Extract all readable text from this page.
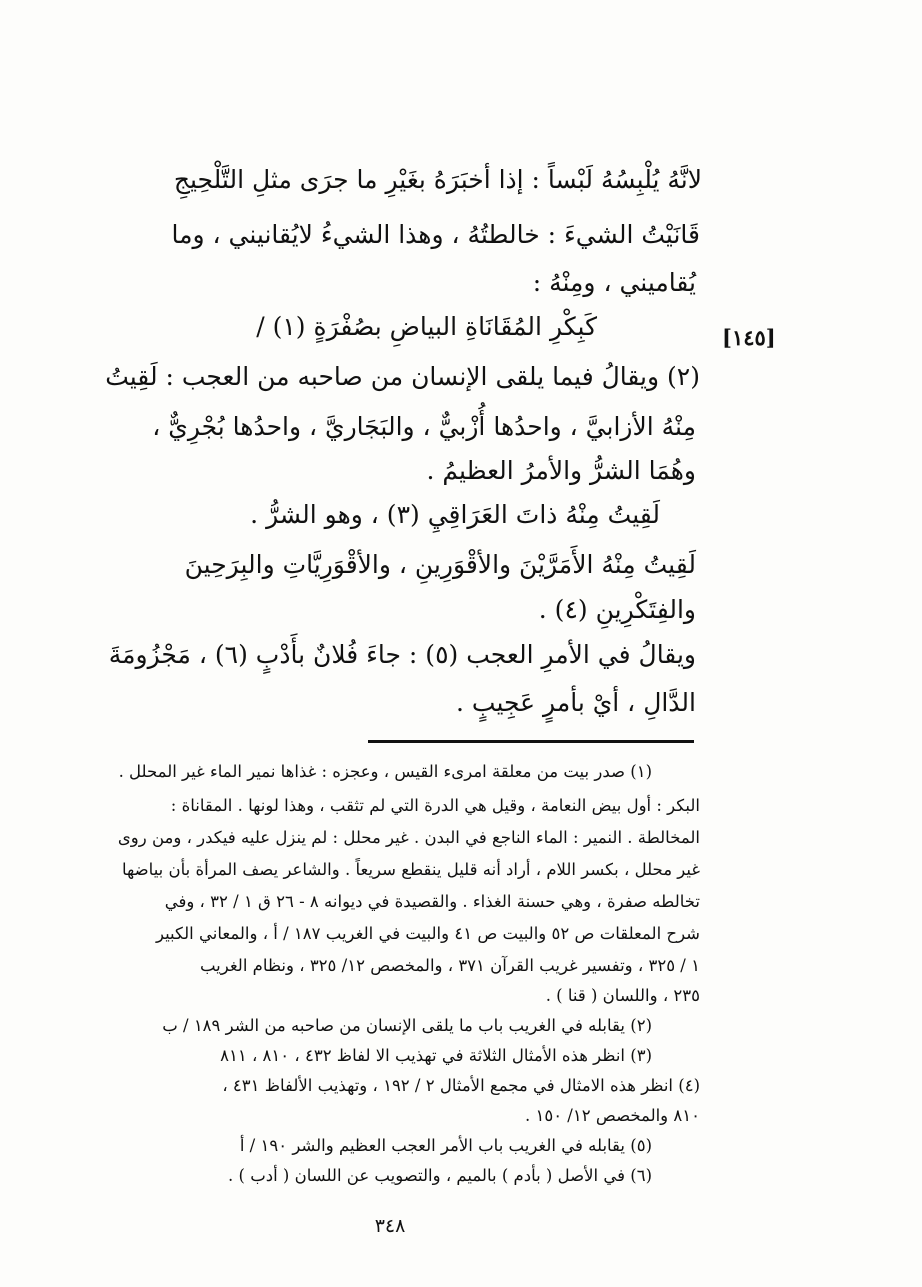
لانَّهُ يُلْبِسُهُ لَبْساً : إذا أخبَرَهُ بغَيْرِ ما جرَى مثلِ التَّلْحِيجِ
قَانَيْتُ الشيءَ : خالطتُهُ ، وهذا الشيءُ لايُقانيني ، وما
يُقاميني ، ومِنْهُ :
كَبِكْرِ المُقَانَاةِ البياضِ بصُفْرَةٍ (١) /	[١٤٥]
(٢) ويقالُ فيما يلقى الإنسان من صاحبه من العجب : لَقِيتُ
مِنْهُ الأزابيَّ ، واحدُها أُزْبيٌّ ، والبَجَاريَّ ، واحدُها بُجْرِيٌّ ،
وهُمَا الشرُّ والأمرُ العظيمُ .
لَقِيتُ مِنْهُ ذاتَ العَرَاقِيِ (٣) ، وهو الشرُّ .
لَقِيتُ مِنْهُ الأَمَرَّيْنَ والأقْوَرِينِ ، والأقْوَرِيَّاتِ والبِرَحِينَ
والفِتَكْرِينِ (٤) .
ويقالُ في الأمرِ العجب (٥) : جاءَ فُلانٌ بأَدْبٍ (٦) ، مَجْزُومَةَ
الدَّالِ ، أيْ بأمرٍ عَجِيبٍ .
(١) صدر بيت من معلقة امرىء القيس ، وعجزه : غذاها نمير الماء غير المحلل .
البكر : أول بيض النعامة ، وقيل هي الدرة التي لم تثقب ، وهذا لونها . المقاناة :
المخالطة . النمير : الماء الناجع في البدن . غير محلل : لم ينزل عليه فيكدر ، ومن روى
غير محلل ، بكسر اللام ، أراد أنه قليل ينقطع سريعاً . والشاعر يصف المرأة بأن بياضها
تخالطه صفرة ، وهي حسنة الغذاء . والقصيدة في ديوانه ٨ - ٢٦ ق ١ / ٣٢ ، وفي
شرح المعلقات ص ٥٢ والبيت ص ٤١ والبيت في الغريب ١٨٧ / أ ، والمعاني الكبير
١ / ٣٢٥ ، وتفسير غريب القرآن ٣٧١ ، والمخصص ١٢/ ٣٢٥ ، ونظام الغريب
٢٣٥ ، واللسان ( قنا ) .
(٢) يقابله في الغريب باب ما يلقى الإنسان من صاحبه من الشر ١٨٩ / ب
(٣) انظر هذه الأمثال الثلاثة في تهذيب الا لفاظ ٤٣٢ ، ٨١٠ ، ٨١١
(٤) انظر هذه الامثال في مجمع الأمثال ٢ / ١٩٢ ، وتهذيب الألفاظ ٤٣١ ،
٨١٠ والمخصص ١٢/ ١٥٠ .
(٥) يقابله في الغريب باب الأمر العجب العظيم والشر ١٩٠ / أ
(٦) في الأصل ( بأدم ) بالميم ، والتصويب عن اللسان ( أدب ) .
٣٤٨
